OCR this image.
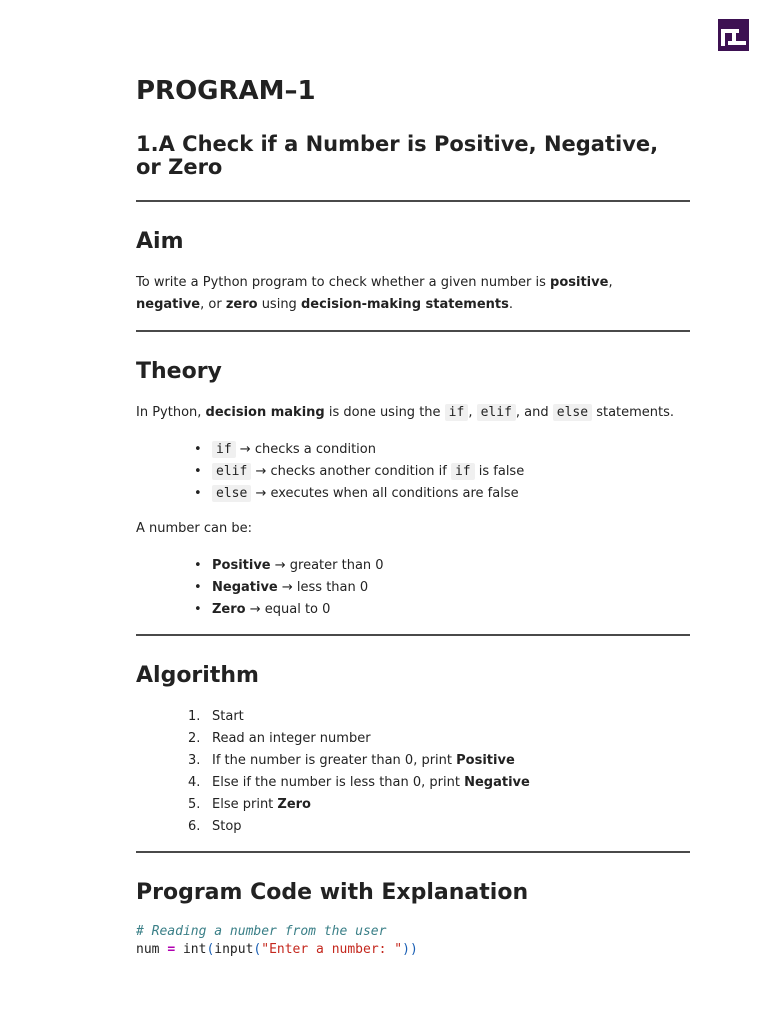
PROGRAM–1
1.A Check if a Number is Positive, Negative, or Zero
Aim

To write a Python program to check whether a given number is positive,
negative, or zero using decision-making statements.

Theory

In Python, decision making is done using the if , elif , and else statements.

• if → checks a condition
• elif → checks another condition if if is false
• else → executes when all conditions are false

A number can be:

• Positive → greater than 0
• Negative → less than 0
• Zero → equal to 0
Algorithm
1. Start
2. Read an integer number
3. If the number is greater than 0, print Positive
4. Else if the number is less than 0, print Negative
5. Else print Zero
6. Stop
Program Code with Explanation
# Reading a number from the user
num = int(input("Enter a number: "))
